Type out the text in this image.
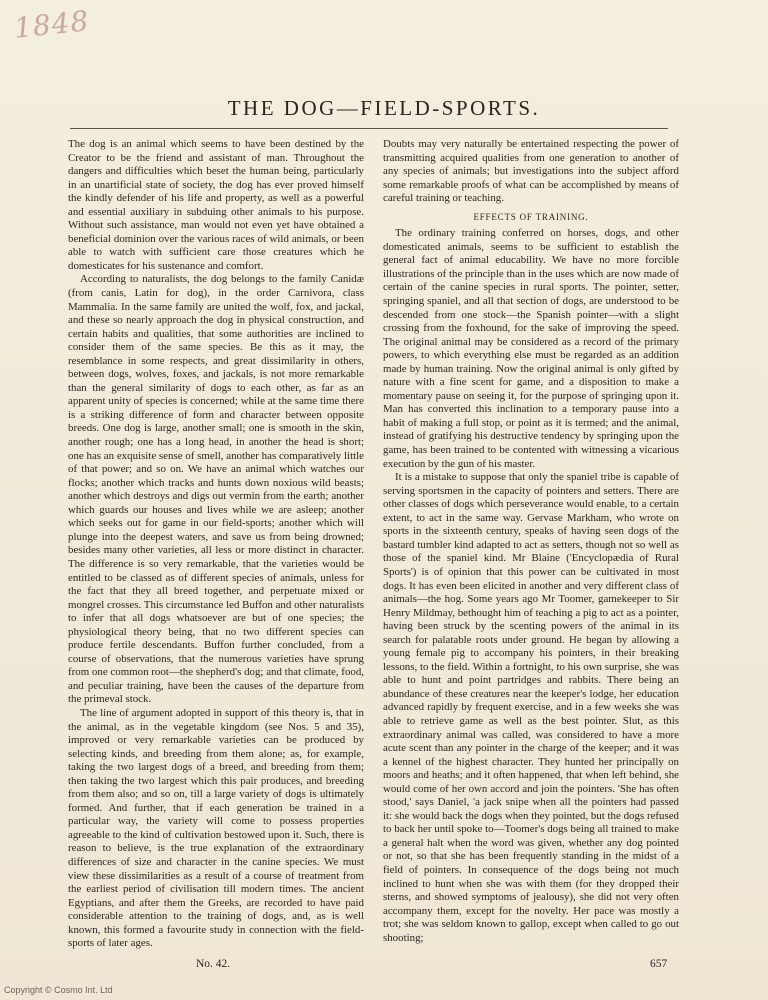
1848
THE DOG—FIELD-SPORTS.

The dog is an animal which seems to have been destined by the Creator to be the friend and assistant of man. Throughout the dangers and difficulties which beset the human being, particularly in an unartificial state of society, the dog has ever proved himself the kindly defender of his life and property, as well as a powerful and essential auxiliary in subduing other animals to his purpose. Without such assistance, man would not even yet have obtained a beneficial dominion over the various races of wild animals, or been able to watch with sufficient care those creatures which he domesticates for his sustenance and comfort.

According to naturalists, the dog belongs to the family Canidæ (from canis, Latin for dog), in the order Carnivora, class Mammalia. In the same family are united the wolf, fox, and jackal, and these so nearly approach the dog in physical construction, and certain habits and qualities, that some authorities are inclined to consider them of the same species. Be this as it may, the resemblance in some respects, and great dissimilarity in others, between dogs, wolves, foxes, and jackals, is not more remarkable than the general similarity of dogs to each other, as far as an apparent unity of species is concerned; while at the same time there is a striking difference of form and character between opposite breeds. One dog is large, another small; one is smooth in the skin, another rough; one has a long head, in another the head is short; one has an exquisite sense of smell, another has comparatively little of that power; and so on. We have an animal which watches our flocks; another which tracks and hunts down noxious wild beasts; another which destroys and digs out vermin from the earth; another which guards our houses and lives while we are asleep; another which seeks out for game in our field-sports; another which will plunge into the deepest waters, and save us from being drowned; besides many other varieties, all less or more distinct in character. The difference is so very remarkable, that the varieties would be entitled to be classed as of different species of animals, unless for the fact that they all breed together, and perpetuate mixed or mongrel crosses. This circumstance led Buffon and other naturalists to infer that all dogs whatsoever are but of one species; the physiological theory being, that no two different species can produce fertile descendants. Buffon further concluded, from a course of observations, that the numerous varieties have sprung from one common root—the shepherd's dog; and that climate, food, and peculiar training, have been the causes of the departure from the primeval stock.

The line of argument adopted in support of this theory is, that in the animal, as in the vegetable kingdom (see Nos. 5 and 35), improved or very remarkable varieties can be produced by selecting kinds, and breeding from them alone; as, for example, taking the two largest dogs of a breed, and breeding from them; then taking the two largest which this pair produces, and breeding from them also; and so on, till a large variety of dogs is ultimately formed. And further, that if each generation be trained in a particular way, the variety will come to possess properties agreeable to the kind of cultivation bestowed upon it. Such, there is reason to believe, is the true explanation of the extraordinary differences of size and character in the canine species. We must view these dissimilarities as a result of a course of treatment from the earliest period of civilisation till modern times. The ancient Egyptians, and after them the Greeks, are recorded to have paid considerable attention to the training of dogs, and, as is well known, this formed a favourite study in connection with the field-sports of later ages.

Doubts may very naturally be entertained respecting the power of transmitting acquired qualities from one generation to another of any species of animals; but investigations into the subject afford some remarkable proofs of what can be accomplished by means of careful training or teaching.

EFFECTS OF TRAINING.

The ordinary training conferred on horses, dogs, and other domesticated animals, seems to be sufficient to establish the general fact of animal educability. We have no more forcible illustrations of the principle than in the uses which are now made of certain of the canine species in rural sports. The pointer, setter, springing spaniel, and all that section of dogs, are understood to be descended from one stock—the Spanish pointer—with a slight crossing from the foxhound, for the sake of improving the speed. The original animal may be considered as a record of the primary powers, to which everything else must be regarded as an addition made by human training. Now the original animal is only gifted by nature with a fine scent for game, and a disposition to make a momentary pause on seeing it, for the purpose of springing upon it. Man has converted this inclination to a temporary pause into a habit of making a full stop, or point as it is termed; and the animal, instead of gratifying his destructive tendency by springing upon the game, has been trained to be contented with witnessing a vicarious execution by the gun of his master.

It is a mistake to suppose that only the spaniel tribe is capable of serving sportsmen in the capacity of pointers and setters. There are other classes of dogs which perseverance would enable, to a certain extent, to act in the same way. Gervase Markham, who wrote on sports in the sixteenth century, speaks of having seen dogs of the bastard tumbler kind adapted to act as setters, though not so well as those of the spaniel kind. Mr Blaine ('Encyclopædia of Rural Sports') is of opinion that this power can be cultivated in most dogs. It has even been elicited in another and very different class of animals—the hog. Some years ago Mr Toomer, gamekeeper to Sir Henry Mildmay, bethought him of teaching a pig to act as a pointer, having been struck by the scenting powers of the animal in its search for palatable roots under ground. He began by allowing a young female pig to accompany his pointers, in their breaking lessons, to the field. Within a fortnight, to his own surprise, she was able to hunt and point partridges and rabbits. There being an abundance of these creatures near the keeper's lodge, her education advanced rapidly by frequent exercise, and in a few weeks she was able to retrieve game as well as the best pointer. Slut, as this extraordinary animal was called, was considered to have a more acute scent than any pointer in the charge of the keeper; and it was a kennel of the highest character. They hunted her principally on moors and heaths; and it often happened, that when left behind, she would come of her own accord and join the pointers. 'She has often stood,' says Daniel, 'a jack snipe when all the pointers had passed it: she would back the dogs when they pointed, but the dogs refused to back her until spoke to—Toomer's dogs being all trained to make a general halt when the word was given, whether any dog pointed or not, so that she has been frequently standing in the midst of a field of pointers. In consequence of the dogs being not much inclined to hunt when she was with them (for they dropped their sterns, and showed symptoms of jealousy), she did not very often accompany them, except for the novelty. Her pace was mostly a trot; she was seldom known to gallop, except when called to go out shooting;

No. 42.	657
Copyright © Cosmo Int. Ltd
